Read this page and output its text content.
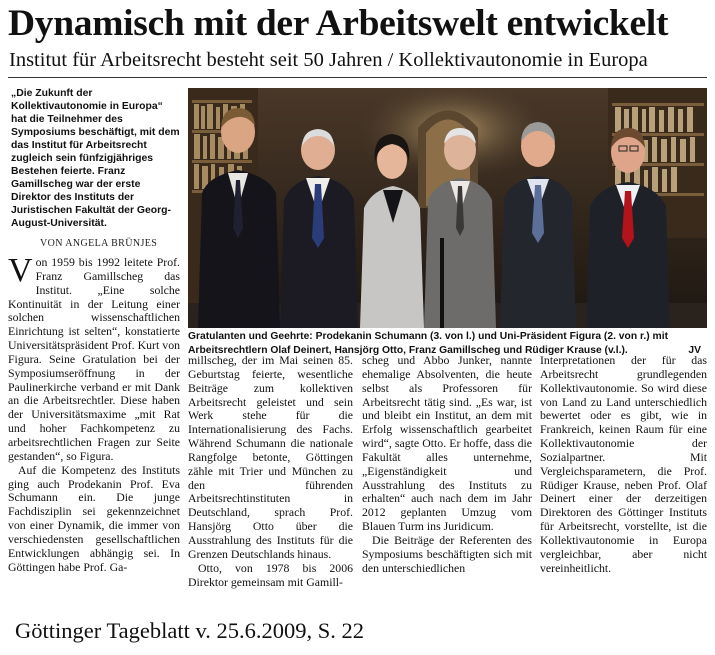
Dynamisch mit der Arbeitswelt entwickelt
Institut für Arbeitsrecht besteht seit 50 Jahren / Kollektivautonomie in Europa
„Die Zukunft der Kollektivautonomie in Europa“ hat die Teilnehmer des Symposiums beschäftigt, mit dem das Institut für Arbeitsrecht zugleich sein fünfzigjähriges Bestehen feierte. Franz Gamillscheg war der erste Direktor des Instituts der Juristischen Fakultät der Georg-August-Universität.
VON ANGELA BRÜNJES
Gratulanten und Geehrte: Prodekanin Schumann (3. von l.) und Uni-Präsident Figura (2. von r.) mit Arbeitsrechtlern Olaf Deinert, Hansjörg Otto, Franz Gamillscheg und Rüdiger Krause (v.l.).	JV

Von 1959 bis 1992 leitete Prof. Franz Gamillscheg das Institut. „Eine solche Kontinuität in der Leitung einer solchen wissenschaftlichen Einrichtung ist selten“, konstatierte Universitätspräsident Prof. Kurt von Figura. Seine Gratulation bei der Symposiumseröffnung in der Paulinerkirche verband er mit Dank an die Arbeitsrechtler. Diese haben der Universitätsmaxime „mit Rat und hoher Fachkompetenz zu arbeitsrechtlichen Fragen zur Seite gestanden“, so Figura.

Auf die Kompetenz des Instituts ging auch Prodekanin Prof. Eva Schumann ein. Die junge Fachdisziplin sei gekennzeichnet von einer Dynamik, die immer von verschiedensten gesellschaftlichen Entwicklungen abhängig sei. In Göttingen habe Prof. Ga-

millscheg, der im Mai seinen 85. Geburtstag feierte, wesentliche Beiträge zum kollektiven Arbeitsrecht geleistet und sein Werk stehe für die Internationalisierung des Fachs. Während Schumann die nationale Rangfolge betonte, Göttingen zähle mit Trier und München zu den führenden Arbeitsrechtinstituten in Deutschland, sprach Prof. Hansjörg Otto über die Ausstrahlung des Instituts für die Grenzen Deutschlands hinaus.

Otto, von 1978 bis 2006 Direktor gemeinsam mit Gamill-

scheg und Abbo Junker, nannte ehemalige Absolventen, die heute selbst als Professoren für Arbeitsrecht tätig sind. „Es war, ist und bleibt ein Institut, an dem mit Erfolg wissenschaftlich gearbeitet wird“, sagte Otto. Er hoffe, dass die Fakultät alles unternehme, „Eigenständigkeit und Ausstrahlung des Instituts zu erhalten“ auch nach dem im Jahr 2012 geplanten Umzug vom Blauen Turm ins Juridicum.

Die Beiträge der Referenten des Symposiums beschäftigten sich mit den unterschiedlichen

Interpretationen der für das Arbeitsrecht grundlegenden Kollektivautonomie. So wird diese von Land zu Land unterschiedlich bewertet oder es gibt, wie in Frankreich, keinen Raum für eine Kollektivautonomie der Sozialpartner. Mit Vergleichsparametern, die Prof. Rüdiger Krause, neben Prof. Olaf Deinert einer der derzeitigen Direktoren des Göttinger Instituts für Arbeitsrecht, vorstellte, ist die Kollektivautonomie in Europa vergleichbar, aber nicht vereinheitlicht.

Göttinger Tageblatt v. 25.6.2009, S. 22
